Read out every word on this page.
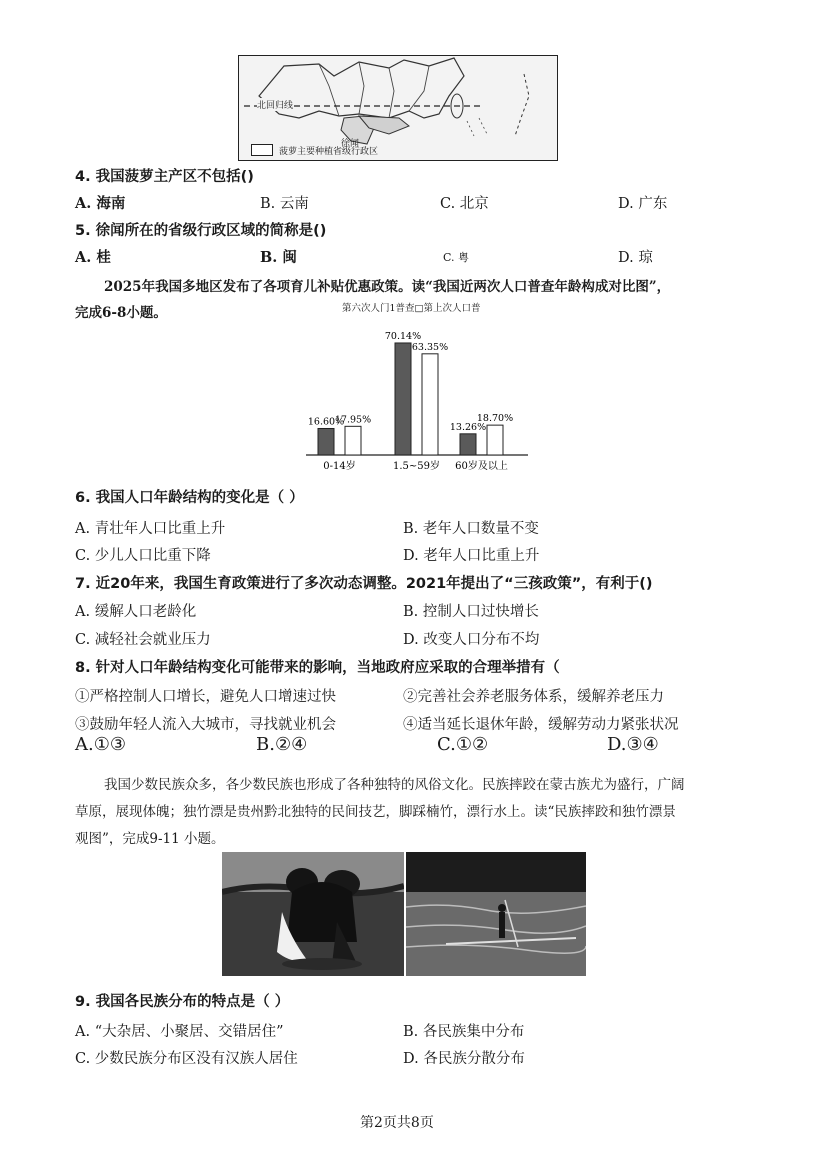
北回归线
徐闻
菠萝主要种植省级行政区
4. 我国菠萝主产区不包括()
A. 海南	B. 云南	C. 北京	D. 广东
5. 徐闻所在的省级行政区域的简称是()
A. 桂	B. 闽	C. 粤	D. 琼
2025年我国多地区发布了各项育儿补贴优惠政策。读“我国近两次人口普查年龄构成对比图”，
完成6-8小题。	第六次人门1普查□第上次人口普
16.60%
70.14%
13.26%
17.95%
63.35%
18.70%
0-14岁	1.5~59岁 60岁及以上
6. 我国人口年龄结构的变化是（ ）
A. 青壮年人口比重上升	B. 老年人口数量不变
C. 少儿人口比重下降	D. 老年人口比重上升
7. 近20年来，我国生育政策进行了多次动态调整。2021年提出了“三孩政策”，有利于()
A. 缓解人口老龄化	B. 控制人口过快增长
C. 减轻社会就业压力	D. 改变人口分布不均
8. 针对人口年龄结构变化可能带来的影响，当地政府应采取的合理举措有（
①严格控制人口增长，避免人口增速过快	②完善社会养老服务体系，缓解养老压力
③鼓励年轻人流入大城市，寻找就业机会	④适当延长退休年龄，缓解劳动力紧张状况
A.①③	B.②④	C.①②	D.③④
我国少数民族众多，各少数民族也形成了各种独特的风俗文化。民族摔跤在蒙古族尤为盛行，广阔
草原，展现体魄；独竹漂是贵州黔北独特的民间技艺，脚踩楠竹，漂行水上。读“民族摔跤和独竹漂景
观图”，完成9-11 小题。
9. 我国各民族分布的特点是（ ）
A. “大杂居、小聚居、交错居住”	B. 各民族集中分布
C. 少数民族分布区没有汉族人居住	D. 各民族分散分布
第2页共8页
